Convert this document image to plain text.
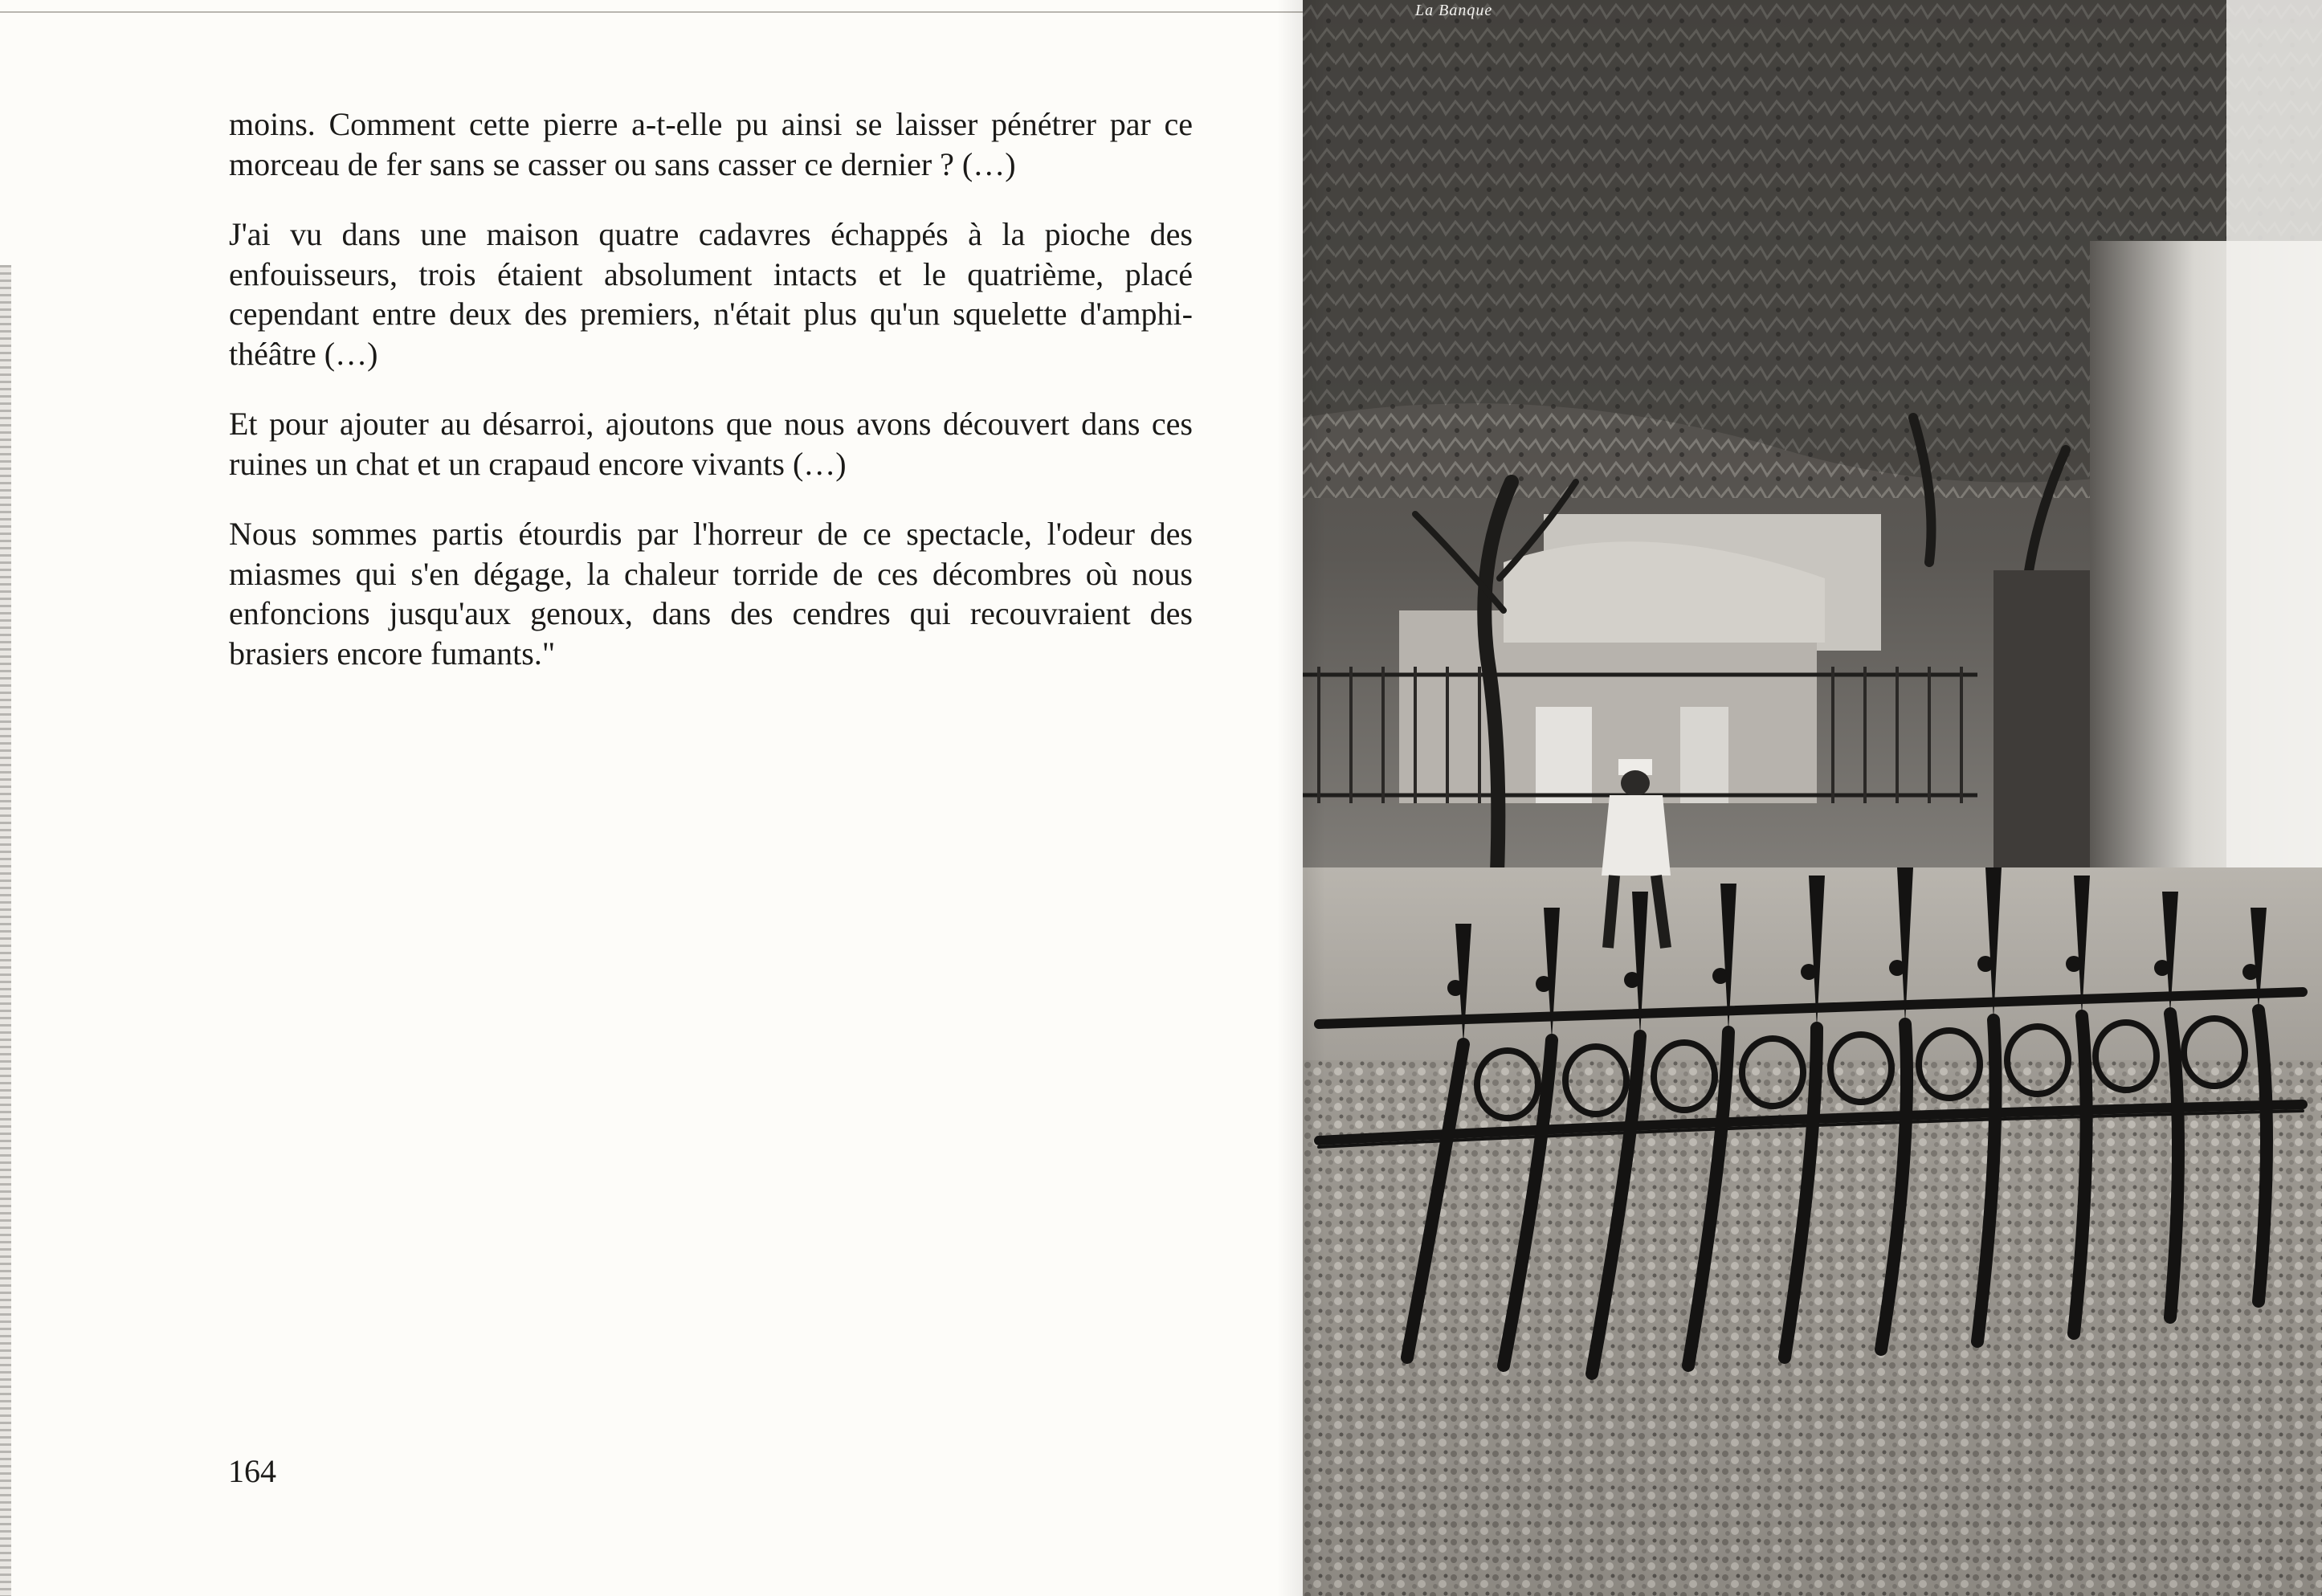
moins. Comment cette pierre a-t-elle pu ainsi se laisser pénétrer par ce morceau de fer sans se casser ou sans casser ce dernier ? (…)

J'ai vu dans une maison quatre cadavres échappés à la pioche des enfouisseurs, trois étaient absolument intacts et le quatrième, placé cependant entre deux des premiers, n'était plus qu'un squelette d'amphithéâtre (…)

Et pour ajouter au désarroi, ajoutons que nous avons découvert dans ces ruines un chat et un crapaud encore vivants (…)

Nous sommes partis étourdis par l'horreur de ce spectacle, l'odeur des miasmes qui s'en dégage, la chaleur torride de ces décombres où nous enfoncions jusqu'aux genoux, dans des cendres qui recouvraient des brasiers encore fumants."

164
La Banque
